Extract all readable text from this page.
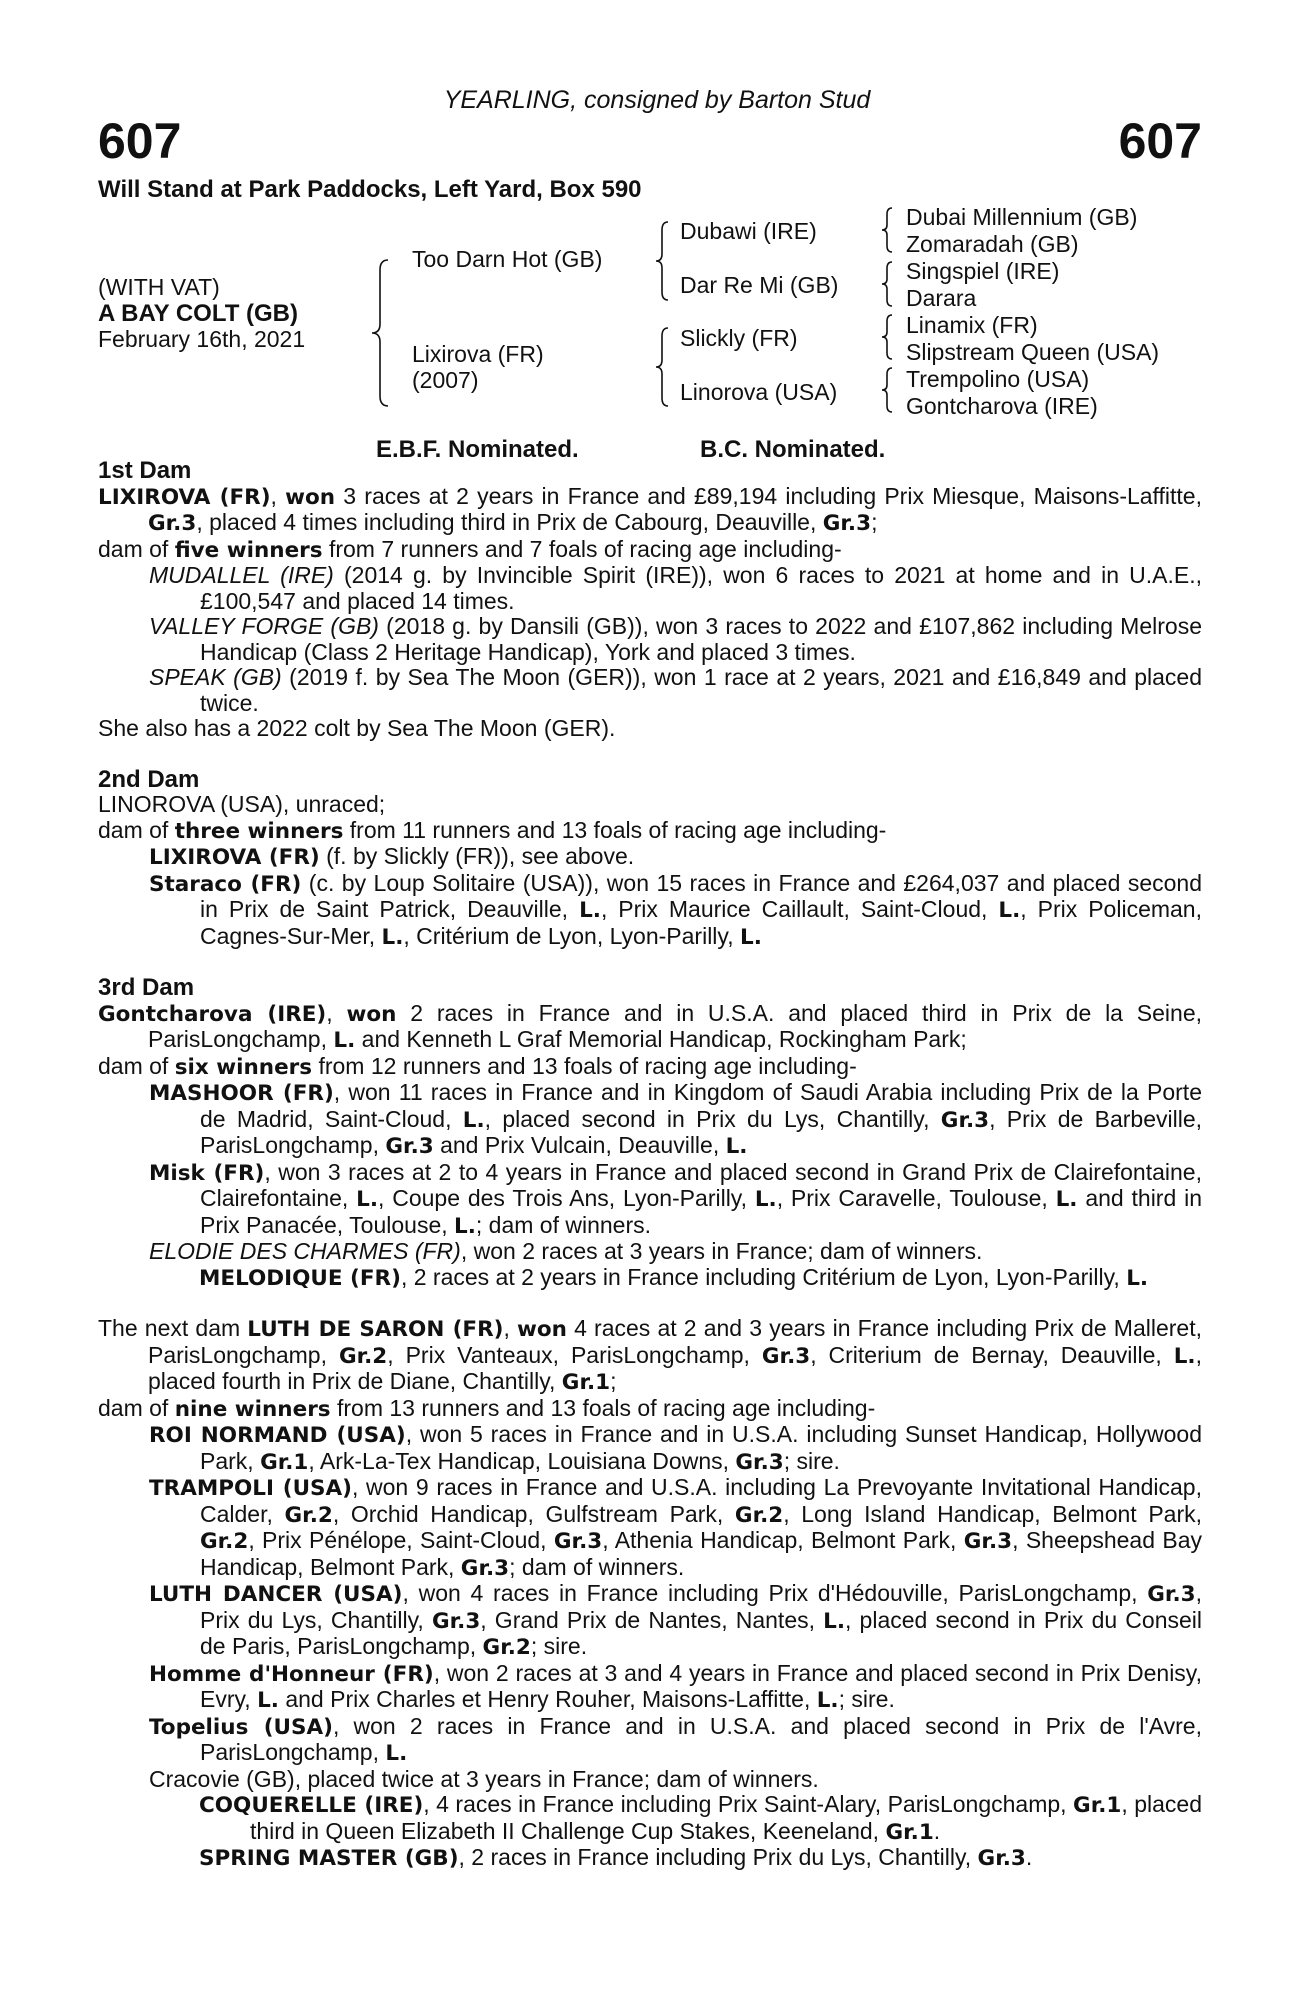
YEARLING, consigned by Barton Stud
607	607
Will Stand at Park Paddocks, Left Yard, Box 590
(WITH VAT)
A BAY COLT (GB)
February 16th, 2021
Too Darn Hot (GB)
Lixirova (FR)
(2007)
Dubawi (IRE)
Dar Re Mi (GB)
Slickly (FR)
Linorova (USA)
Dubai Millennium (GB)
Zomaradah (GB)
Singspiel (IRE)
Darara
Linamix (FR)
Slipstream Queen (USA)
Trempolino (USA)
Gontcharova (IRE)
E.B.F. Nominated.	B.C. Nominated.
1st Dam
LIXIROVA (FR), won 3 races at 2 years in France and £89,194 including Prix Miesque, Maisons-Laffitte, Gr.3, placed 4 times including third in Prix de Cabourg, Deauville, Gr.3;
dam of five winners from 7 runners and 7 foals of racing age including-
MUDALLEL (IRE) (2014 g. by Invincible Spirit (IRE)), won 6 races to 2021 at home and in U.A.E., £100,547 and placed 14 times.
VALLEY FORGE (GB) (2018 g. by Dansili (GB)), won 3 races to 2022 and £107,862 including Melrose Handicap (Class 2 Heritage Handicap), York and placed 3 times.
SPEAK (GB) (2019 f. by Sea The Moon (GER)), won 1 race at 2 years, 2021 and £16,849 and placed twice.
She also has a 2022 colt by Sea The Moon (GER).
2nd Dam
LINOROVA (USA), unraced;
dam of three winners from 11 runners and 13 foals of racing age including-
LIXIROVA (FR) (f. by Slickly (FR)), see above.
Staraco (FR) (c. by Loup Solitaire (USA)), won 15 races in France and £264,037 and placed second in Prix de Saint Patrick, Deauville, L., Prix Maurice Caillault, Saint-Cloud, L., Prix Policeman, Cagnes-Sur-Mer, L., Critérium de Lyon, Lyon-Parilly, L.
3rd Dam
Gontcharova (IRE), won 2 races in France and in U.S.A. and placed third in Prix de la Seine, ParisLongchamp, L. and Kenneth L Graf Memorial Handicap, Rockingham Park;
dam of six winners from 12 runners and 13 foals of racing age including-
MASHOOR (FR), won 11 races in France and in Kingdom of Saudi Arabia including Prix de la Porte de Madrid, Saint-Cloud, L., placed second in Prix du Lys, Chantilly, Gr.3, Prix de Barbeville, ParisLongchamp, Gr.3 and Prix Vulcain, Deauville, L.
Misk (FR), won 3 races at 2 to 4 years in France and placed second in Grand Prix de Clairefontaine, Clairefontaine, L., Coupe des Trois Ans, Lyon-Parilly, L., Prix Caravelle, Toulouse, L. and third in Prix Panacée, Toulouse, L.; dam of winners.
ELODIE DES CHARMES (FR), won 2 races at 3 years in France; dam of winners.
MELODIQUE (FR), 2 races at 2 years in France including Critérium de Lyon, Lyon-Parilly, L.
The next dam LUTH DE SARON (FR), won 4 races at 2 and 3 years in France including Prix de Malleret, ParisLongchamp, Gr.2, Prix Vanteaux, ParisLongchamp, Gr.3, Criterium de Bernay, Deauville, L., placed fourth in Prix de Diane, Chantilly, Gr.1;
dam of nine winners from 13 runners and 13 foals of racing age including-
ROI NORMAND (USA), won 5 races in France and in U.S.A. including Sunset Handicap, Hollywood Park, Gr.1, Ark-La-Tex Handicap, Louisiana Downs, Gr.3; sire.
TRAMPOLI (USA), won 9 races in France and U.S.A. including La Prevoyante Invitational Handicap, Calder, Gr.2, Orchid Handicap, Gulfstream Park, Gr.2, Long Island Handicap, Belmont Park, Gr.2, Prix Pénélope, Saint-Cloud, Gr.3, Athenia Handicap, Belmont Park, Gr.3, Sheepshead Bay Handicap, Belmont Park, Gr.3; dam of winners.
LUTH DANCER (USA), won 4 races in France including Prix d'Hédouville, ParisLongchamp, Gr.3, Prix du Lys, Chantilly, Gr.3, Grand Prix de Nantes, Nantes, L., placed second in Prix du Conseil de Paris, ParisLongchamp, Gr.2; sire.
Homme d'Honneur (FR), won 2 races at 3 and 4 years in France and placed second in Prix Denisy, Evry, L. and Prix Charles et Henry Rouher, Maisons-Laffitte, L.; sire.
Topelius (USA), won 2 races in France and in U.S.A. and placed second in Prix de l'Avre, ParisLongchamp, L.
Cracovie (GB), placed twice at 3 years in France; dam of winners.
COQUERELLE (IRE), 4 races in France including Prix Saint-Alary, ParisLongchamp, Gr.1, placed third in Queen Elizabeth II Challenge Cup Stakes, Keeneland, Gr.1.
SPRING MASTER (GB), 2 races in France including Prix du Lys, Chantilly, Gr.3.
